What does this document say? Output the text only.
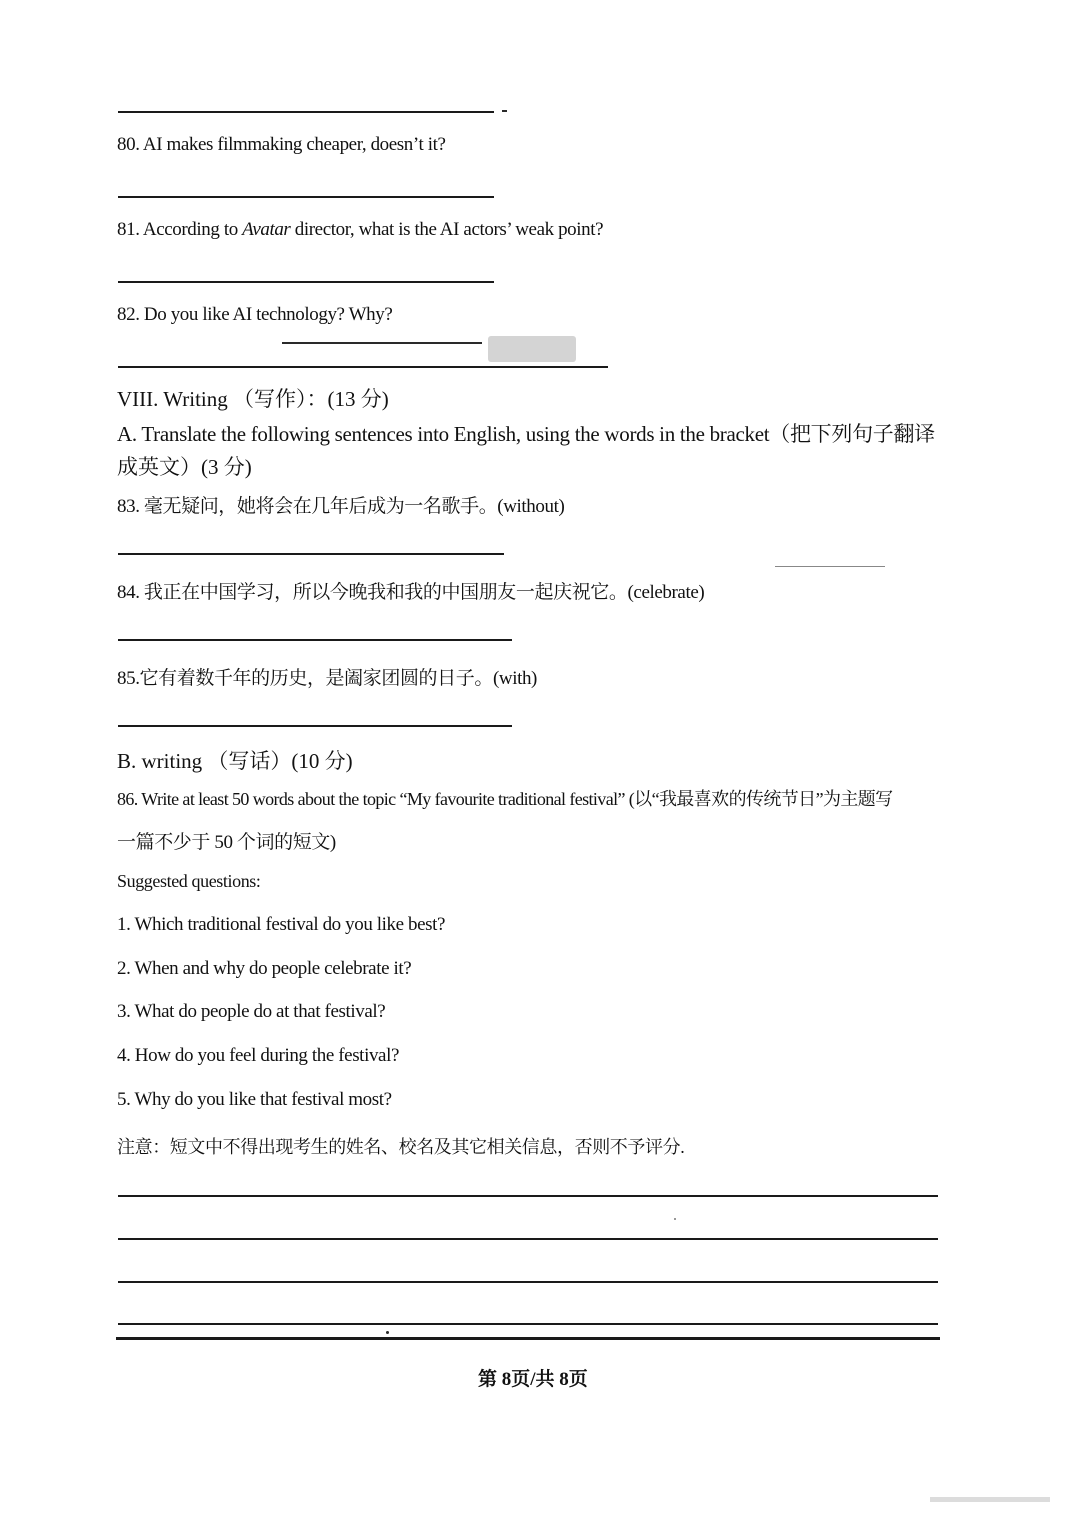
80. AI makes filmmaking cheaper, doesn’t it?
81. According to Avatar director, what is the AI actors’ weak point?
82. Do you like AI technology? Why?
VIII. Writing （写作）：(13 分)
A. Translate the following sentences into English, using the words in the bracket（把下列句子翻译
成英文）(3 分)
83. 毫无疑问，她将会在几年后成为一名歌手。(without)
84. 我正在中国学习，所以今晚我和我的中国朋友一起庆祝它。(celebrate)
85.它有着数千年的历史，是阖家团圆的日子。(with)
B. writing （写话）(10 分)
86. Write at least 50 words about the topic “My favourite traditional festival” (以“我最喜欢的传统节日”为主题写
一篇不少于 50 个词的短文)
Suggested questions:
1. Which traditional festival do you like best?
2. When and why do people celebrate it?
3. What do people do at that festival?
4. How do you feel during the festival?
5. Why do you like that festival most?
注意：短文中不得出现考生的姓名、校名及其它相关信息，否则不予评分.
第 8页/共 8页
